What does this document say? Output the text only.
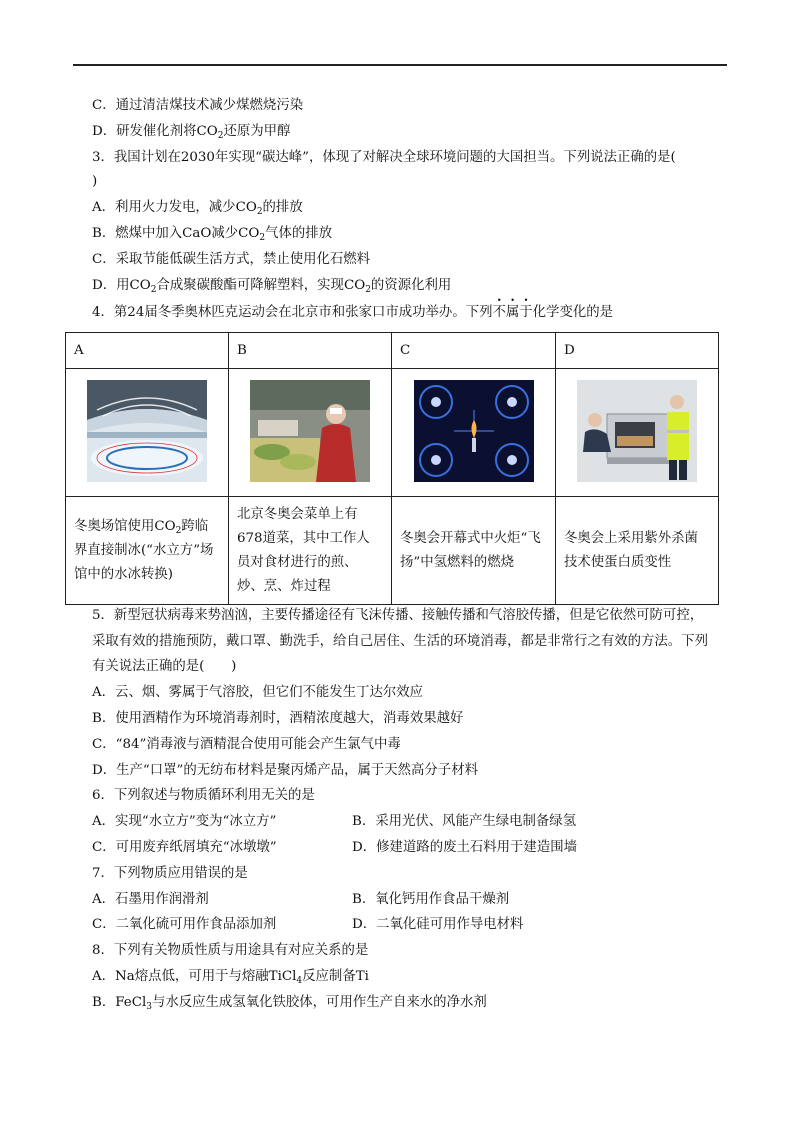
C．通过清洁煤技术减少煤燃烧污染
D．研发催化剂将$CO_2$还原为甲醇
3．我国计划在2030年实现“碳达峰”，体现了对解决全球环境问题的大国担当。下列说法正确的是(
)
A．利用火力发电，减少$CO_2$的排放
B．燃煤中加入CaO减少$CO_2$气体的排放
C．采取节能低碳生活方式，禁止使用化石燃料
D．用$CO_2$合成聚碳酸酯可降解塑料，实现$CO_2$的资源化利用
4．第24届冬季奥林匹克运动会在北京市和张家口市成功举办。下列不属于化学变化的是
A	B	C	D

冬奥场馆使用$CO_2$跨临界直接制冰(“水立方”场馆中的水冰转换)	北京冬奥会菜单上有678道菜，其中工作人员对食材进行的煎、炒、烹、炸过程	冬奥会开幕式中火炬“飞扬”中氢燃料的燃烧	冬奥会上采用紫外杀菌技术使蛋白质变性
5．新型冠状病毒来势汹汹，主要传播途径有飞沫传播、接触传播和气溶胶传播，但是它依然可防可控，
采取有效的措施预防，戴口罩、勤洗手，给自己居住、生活的环境消毒，都是非常行之有效的方法。下列
有关说法正确的是(　　)
A．云、烟、雾属于气溶胶，但它们不能发生丁达尔效应
B．使用酒精作为环境消毒剂时，酒精浓度越大，消毒效果越好
C．“84”消毒液与酒精混合使用可能会产生氯气中毒
D．生产“口罩”的无纺布材料是聚丙烯产品，属于天然高分子材料
6．下列叙述与物质循环利用无关的是
A．实现“水立方”变为“冰立方”	B．采用光伏、风能产生绿电制备绿氢
C．可用废弃纸屑填充“冰墩墩”	D．修建道路的废土石料用于建造围墙
7．下列物质应用错误的是
A．石墨用作润滑剂	B．氧化钙用作食品干燥剂
C．二氧化硫可用作食品添加剂	D．二氧化硅可用作导电材料
8．下列有关物质性质与用途具有对应关系的是
A．Na熔点低，可用于与熔融TiCl$_4$反应制备Ti
B．FeCl$_3$与水反应生成氢氧化铁胶体，可用作生产自来水的净水剂
